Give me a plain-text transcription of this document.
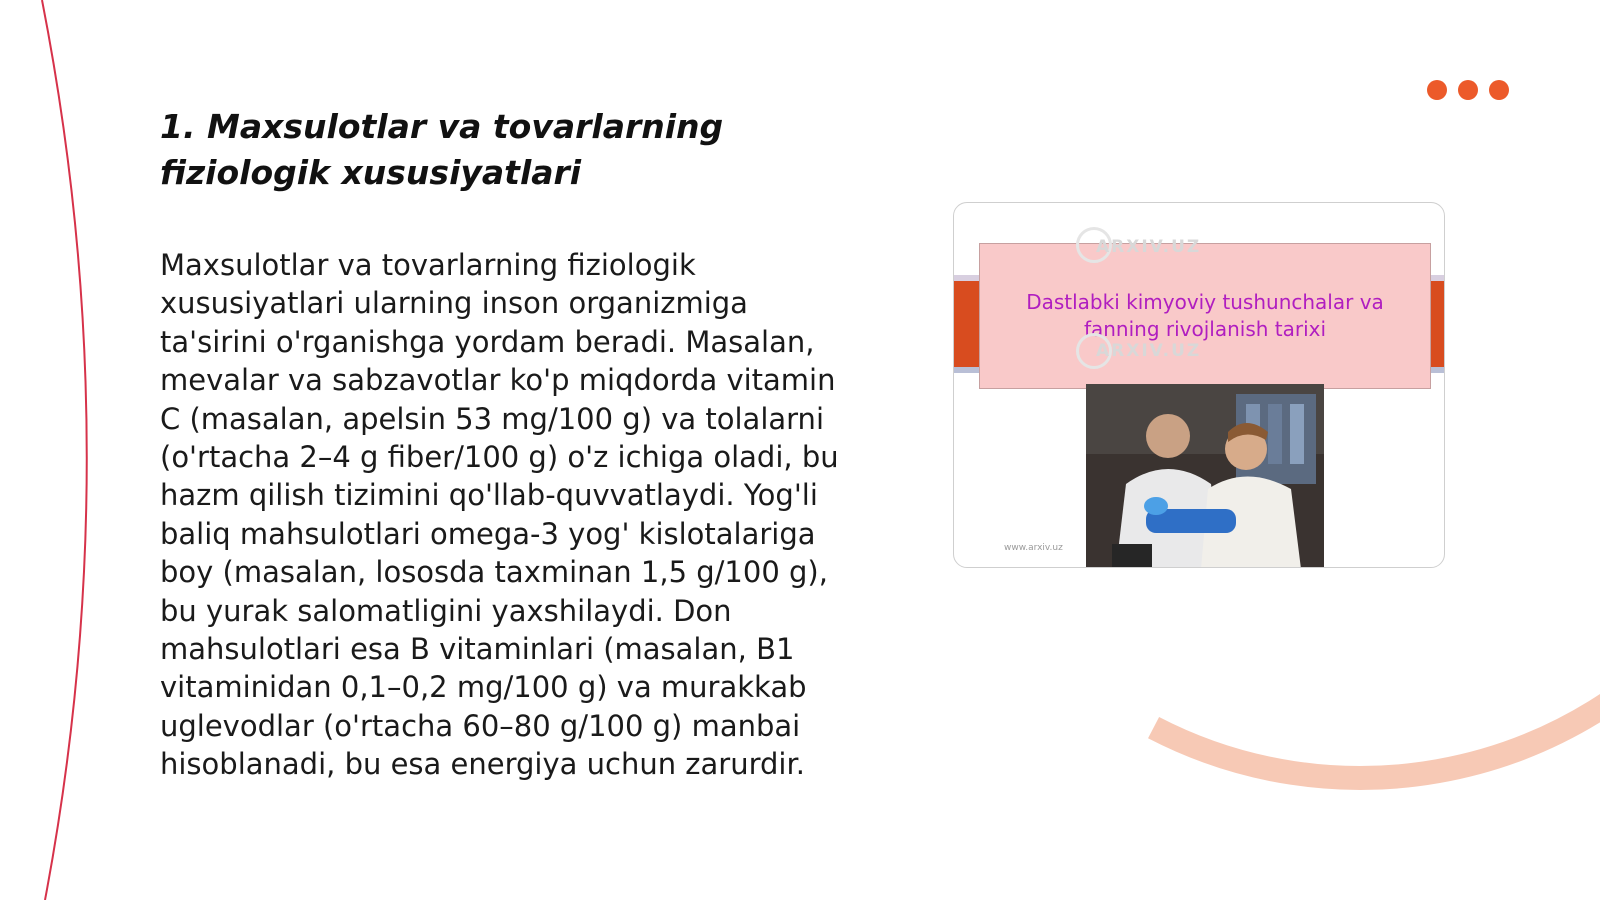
1. Maxsulotlar va tovarlarning fiziologik xususiyatlari

Maxsulotlar va tovarlarning fiziologik xususiyatlari ularning inson organizmiga ta'sirini o'rganishga yordam beradi. Masalan, mevalar va sabzavotlar ko'p miqdorda vitamin C (masalan, apelsin 53 mg/100 g) va tolalarni (o'rtacha 2–4 g fiber/100 g) o'z ichiga oladi, bu hazm qilish tizimini qo'llab-quvvatlaydi. Yog'li baliq mahsulotlari omega-3 yog' kislotalariga boy (masalan, lososda taxminan 1,5 g/100 g), bu yurak salomatligini yaxshilaydi. Don mahsulotlari esa B vitaminlari (masalan, B1 vitaminidan 0,1–0,2 mg/100 g) va murakkab uglevodlar (o'rtacha 60–80 g/100 g) manbai hisoblanadi, bu esa energiya uchun zarurdir.

Dastlabki kimyoviy tushunchalar va fanning rivojlanish tarixi
ARXIV.UZ
ARXIV.UZ
www.arxiv.uz
